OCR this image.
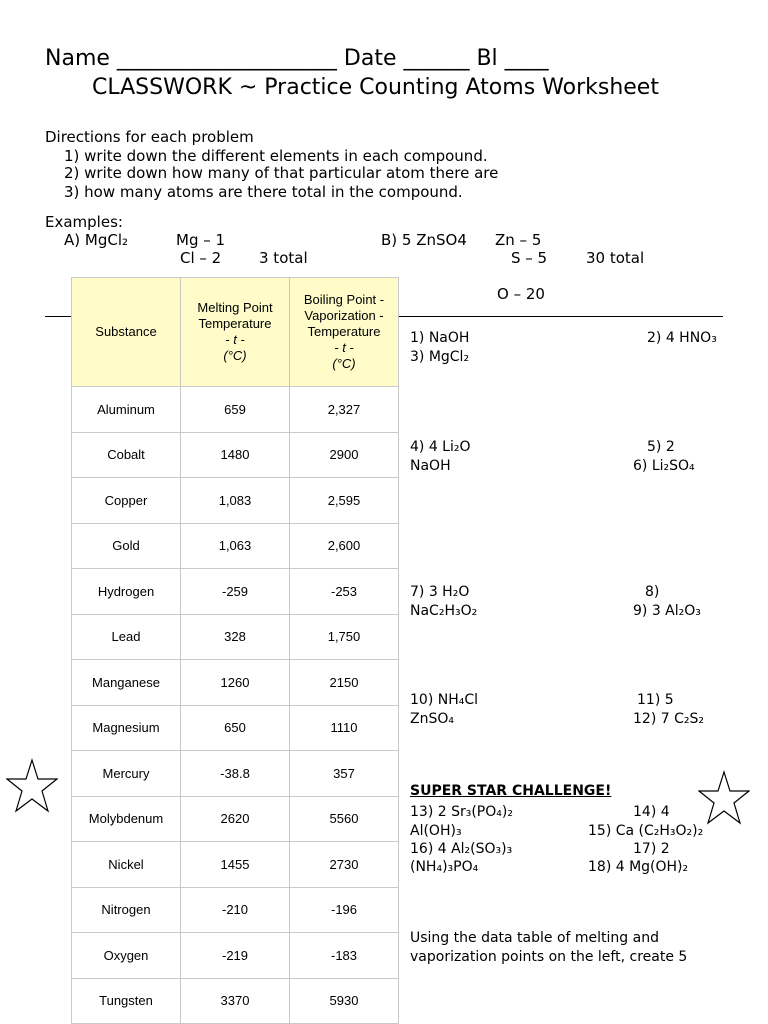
Name ____________________ Date ______ Bl ____
CLASSWORK ~ Practice Counting Atoms Worksheet
Directions for each problem
1) write down the different elements in each compound.
2) write down how many of that particular atom there are
3) how many atoms are there total in the compound.
Examples:
A) MgCl₂	Mg – 1
Cl – 2	3 total
B) 5 ZnSO4 Zn – 5
S – 5	30 total
O – 20
Substance	Melting Point
Temperature
- t -
(°C)	Boiling Point -
Vaporization -
Temperature
- t -
(°C)
Aluminum	659	2,327
Cobalt	1480	2900
Copper	1,083	2,595
Gold	1,063	2,600
Hydrogen	-259	-253
Lead	328	1,750
Manganese	1260	2150
Magnesium	650	1110
Mercury	-38.8	357
Molybdenum	2620	5560
Nickel	1455	2730
Nitrogen	-210	-196
Oxygen	-219	-183
Tungsten	3370	5930
1) NaOH	2) 4 HNO₃
3) MgCl₂
4) 4 Li₂O	5) 2
NaOH	6) Li₂SO₄
7) 3 H₂O	8)
NaC₂H₃O₂	9) 3 Al₂O₃
10) NH₄Cl	11) 5
ZnSO₄	12) 7 C₂S₂
SUPER STAR CHALLENGE!
13) 2 Sr₃(PO₄)₂	14) 4
Al(OH)₃	15) Ca (C₂H₃O₂)₂
16) 4 Al₂(SO₃)₃	17) 2
(NH₄)₃PO₄	18) 4 Mg(OH)₂
Using the data table of melting and
vaporization points on the left, create 5
